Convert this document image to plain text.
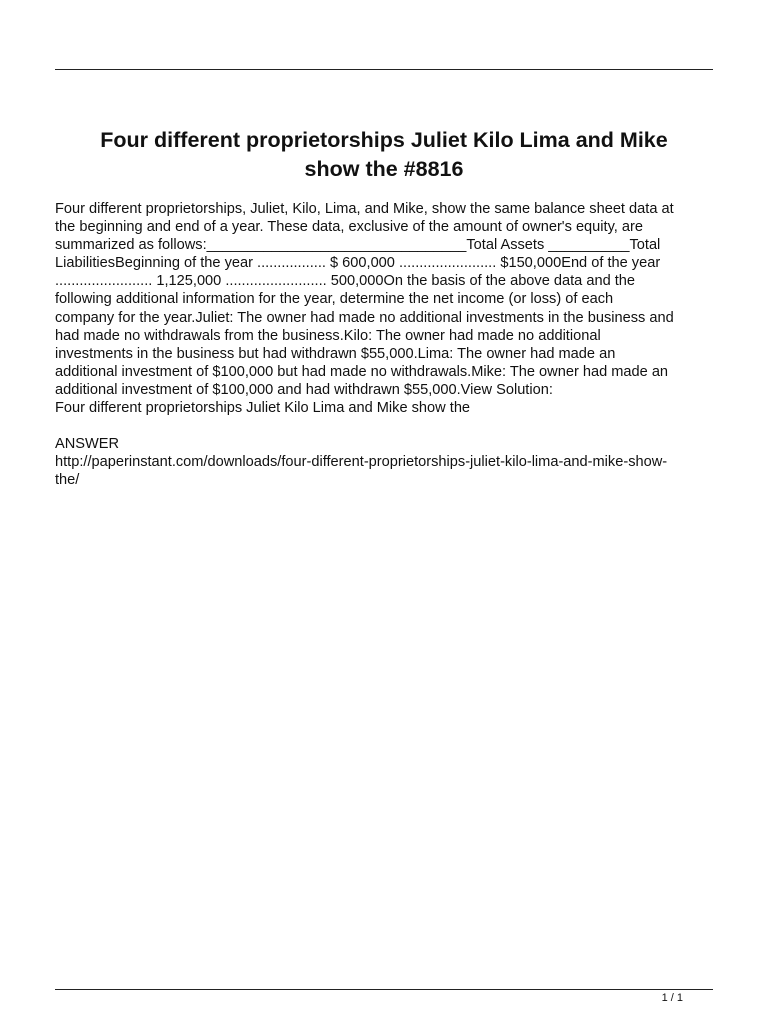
Four different proprietorships Juliet Kilo Lima and Mike
show the #8816
Four different proprietorships, Juliet, Kilo, Lima, and Mike, show the same balance sheet data at
the beginning and end of a year. These data, exclusive of the amount of owner's equity, are
summarized as follows:________________________________Total Assets __________Total
LiabilitiesBeginning of the year ................. $ 600,000 ........................ $150,000End of the year
........................ 1,125,000 ......................... 500,000On the basis of the above data and the
following additional information for the year, determine the net income (or loss) of each
company for the year.Juliet: The owner had made no additional investments in the business and
had made no withdrawals from the business.Kilo: The owner had made no additional
investments in the business but had withdrawn $55,000.Lima: The owner had made an
additional investment of $100,000 but had made no withdrawals.Mike: The owner had made an
additional investment of $100,000 and had withdrawn $55,000.View Solution:
Four different proprietorships Juliet Kilo Lima and Mike show the
ANSWER
http://paperinstant.com/downloads/four-different-proprietorships-juliet-kilo-lima-and-mike-show-
the/
1 / 1
